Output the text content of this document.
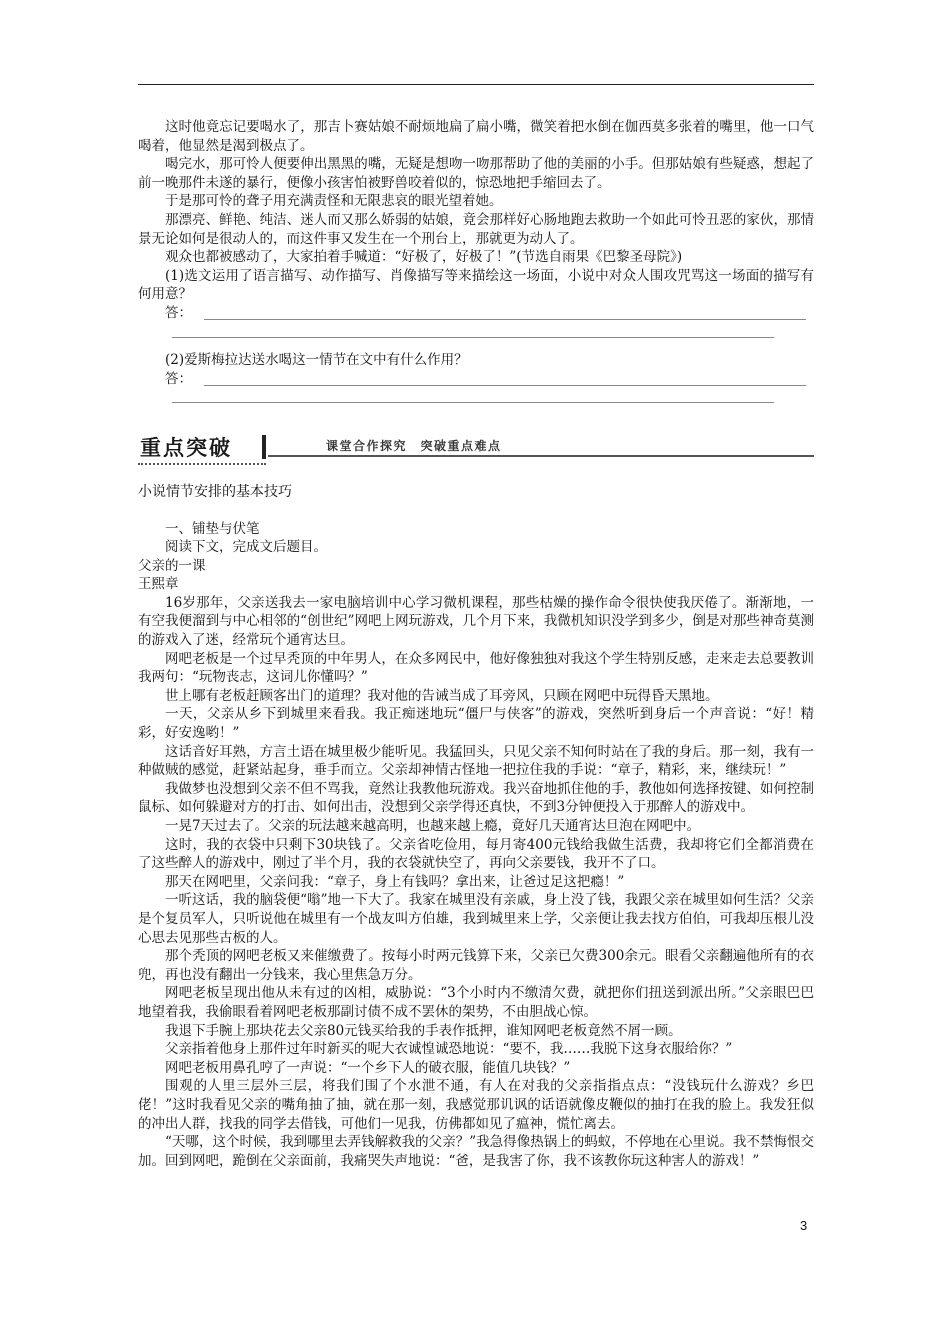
这时他竟忘记要喝水了，那吉卜赛姑娘不耐烦地扁了扁小嘴，微笑着把水倒在伽西莫多张着的嘴里，他一口气喝着，他显然是渴到极点了。

喝完水，那可怜人便要伸出黑黑的嘴，无疑是想吻一吻那帮助了他的美丽的小手。但那姑娘有些疑惑，想起了前一晚那件未遂的暴行，便像小孩害怕被野兽咬着似的，惊恐地把手缩回去了。

于是那可怜的聋子用充满责怪和无限悲哀的眼光望着她。

那漂亮、鲜艳、纯洁、迷人而又那么娇弱的姑娘，竟会那样好心肠地跑去救助一个如此可怜丑恶的家伙，那情景无论如何是很动人的，而这件事又发生在一个刑台上，那就更为动人了。

观众也都被感动了，大家拍着手喊道：“好极了，好极了！”(节选自雨果《巴黎圣母院》)

(1)选文运用了语言描写、动作描写、肖像描写等来描绘这一场面，小说中对众人围攻咒骂这一场面的描写有何用意？

答：

(2)爱斯梅拉达送水喝这一情节在文中有什么作用？

答：
重点突破	课堂合作探究　突破重点难点

小说情节安排的基本技巧

一、铺垫与伏笔

阅读下文，完成文后题目。

父亲的一课

王熙章

16岁那年，父亲送我去一家电脑培训中心学习微机课程，那些枯燥的操作命令很快使我厌倦了。渐渐地，一有空我便溜到与中心相邻的“创世纪”网吧上网玩游戏，几个月下来，我微机知识没学到多少，倒是对那些神奇莫测的游戏入了迷，经常玩个通宵达旦。

网吧老板是一个过早秃顶的中年男人，在众多网民中，他好像独独对我这个学生特别反感，走来走去总要教训我两句：“玩物丧志，这词儿你懂吗？”

世上哪有老板赶顾客出门的道理？我对他的告诫当成了耳旁风，只顾在网吧中玩得昏天黑地。

一天，父亲从乡下到城里来看我。我正痴迷地玩“僵尸与侠客”的游戏，突然听到身后一个声音说：“好！精彩，好安逸哟！”

这话音好耳熟，方言土语在城里极少能听见。我猛回头，只见父亲不知何时站在了我的身后。那一刻，我有一种做贼的感觉，赶紧站起身，垂手而立。父亲却神情古怪地一把拉住我的手说：“章子，精彩，来，继续玩！”

我做梦也没想到父亲不但不骂我，竟然让我教他玩游戏。我兴奋地抓住他的手，教他如何选择按键、如何控制鼠标、如何躲避对方的打击、如何出击，没想到父亲学得还真快，不到3分钟便投入于那醉人的游戏中。

一晃7天过去了。父亲的玩法越来越高明，也越来越上瘾，竟好几天通宵达旦泡在网吧中。

这时，我的衣袋中只剩下30块钱了。父亲省吃俭用，每月寄400元钱给我做生活费，我却将它们全都消费在了这些醉人的游戏中，刚过了半个月，我的衣袋就快空了，再向父亲要钱，我开不了口。

那天在网吧里，父亲问我：“章子，身上有钱吗？拿出来，让爸过足这把瘾！”

一听这话，我的脑袋便“嗡”地一下大了。我家在城里没有亲戚，身上没了钱，我跟父亲在城里如何生活？父亲是个复员军人，只听说他在城里有一个战友叫方伯雄，我到城里来上学，父亲便让我去找方伯伯，可我却压根儿没心思去见那些古板的人。

那个秃顶的网吧老板又来催缴费了。按每小时两元钱算下来，父亲已欠费300余元。眼看父亲翻遍他所有的衣兜，再也没有翻出一分钱来，我心里焦急万分。

网吧老板呈现出他从未有过的凶相，威胁说：“3个小时内不缴清欠费，就把你们扭送到派出所。”父亲眼巴巴地望着我，我偷眼看着网吧老板那副讨债不成不罢休的架势，不由胆战心惊。

我退下手腕上那块花去父亲80元钱买给我的手表作抵押，谁知网吧老板竟然不屑一顾。

父亲指着他身上那件过年时新买的呢大衣诚惶诚恐地说：“要不，我……我脱下这身衣服给你？”

网吧老板用鼻孔哼了一声说：“一个乡下人的破衣服，能值几块钱？”

围观的人里三层外三层，将我们围了个水泄不通，有人在对我的父亲指指点点：“没钱玩什么游戏？乡巴佬！”这时我看见父亲的嘴角抽了抽，就在那一刻，我感觉那讥讽的话语就像皮鞭似的抽打在我的脸上。我发狂似的冲出人群，找我的同学去借钱，可他们一见我，仿佛都如见了瘟神，慌忙离去。

“天哪，这个时候，我到哪里去弄钱解救我的父亲？”我急得像热锅上的蚂蚁，不停地在心里说。我不禁悔恨交加。回到网吧，跪倒在父亲面前，我痛哭失声地说：“爸，是我害了你，我不该教你玩这种害人的游戏！”

3
